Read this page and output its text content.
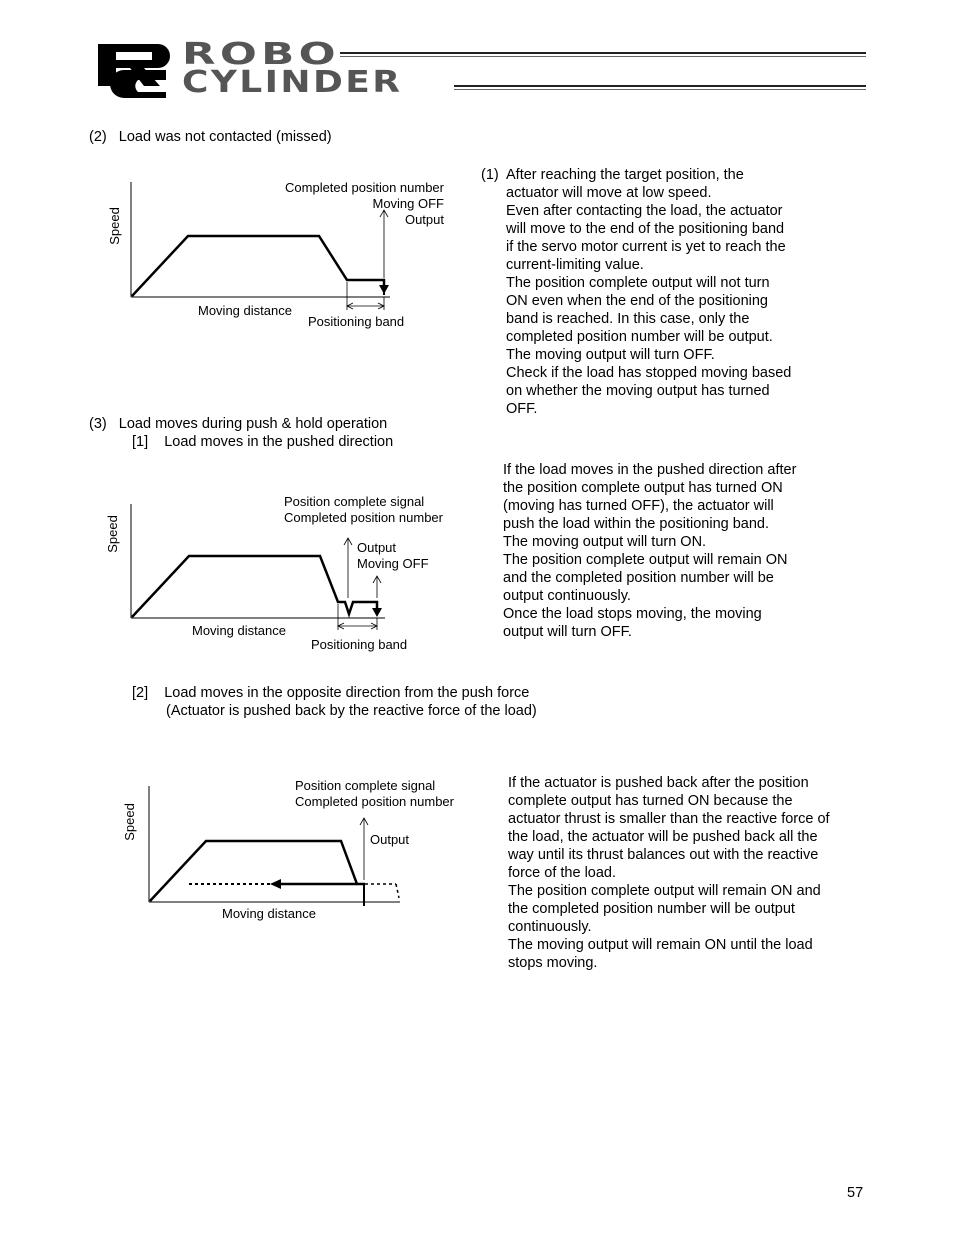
ROBO
CYLINDER
(2)   Load was not contacted (missed)
Speed
Moving distance
Positioning band
Completed position number
Moving OFF
Output
(1) After reaching the target position, the
actuator will move at low speed.
Even after contacting the load, the actuator
will move to the end of the positioning band
if the servo motor current is yet to reach the
current-limiting value.
The position complete output will not turn
ON even when the end of the positioning
band is reached. In this case, only the
completed position number will be output.
The moving output will turn OFF.
Check if the load has stopped moving based
on whether the moving output has turned
OFF.
(3)   Load moves during push & hold operation
[1]    Load moves in the pushed direction
Speed
Moving distance
Positioning band
Position complete signal
Completed position number
Output
Moving OFF
If the load moves in the pushed direction after
the position complete output has turned ON
(moving has turned OFF), the actuator will
push the load within the positioning band.
The moving output will turn ON.
The position complete output will remain ON
and the completed position number will be
output continuously.
Once the load stops moving, the moving
output will turn OFF.
[2]    Load moves in the opposite direction from the push force
(Actuator is pushed back by the reactive force of the load)
Speed
Moving distance
Position complete signal
Completed position number
Output
If the actuator is pushed back after the position
complete output has turned ON because the
actuator thrust is smaller than the reactive force of
the load, the actuator will be pushed back all the
way until its thrust balances out with the reactive
force of the load.
The position complete output will remain ON and
the completed position number will be output
continuously.
The moving output will remain ON until the load
stops moving.
57
